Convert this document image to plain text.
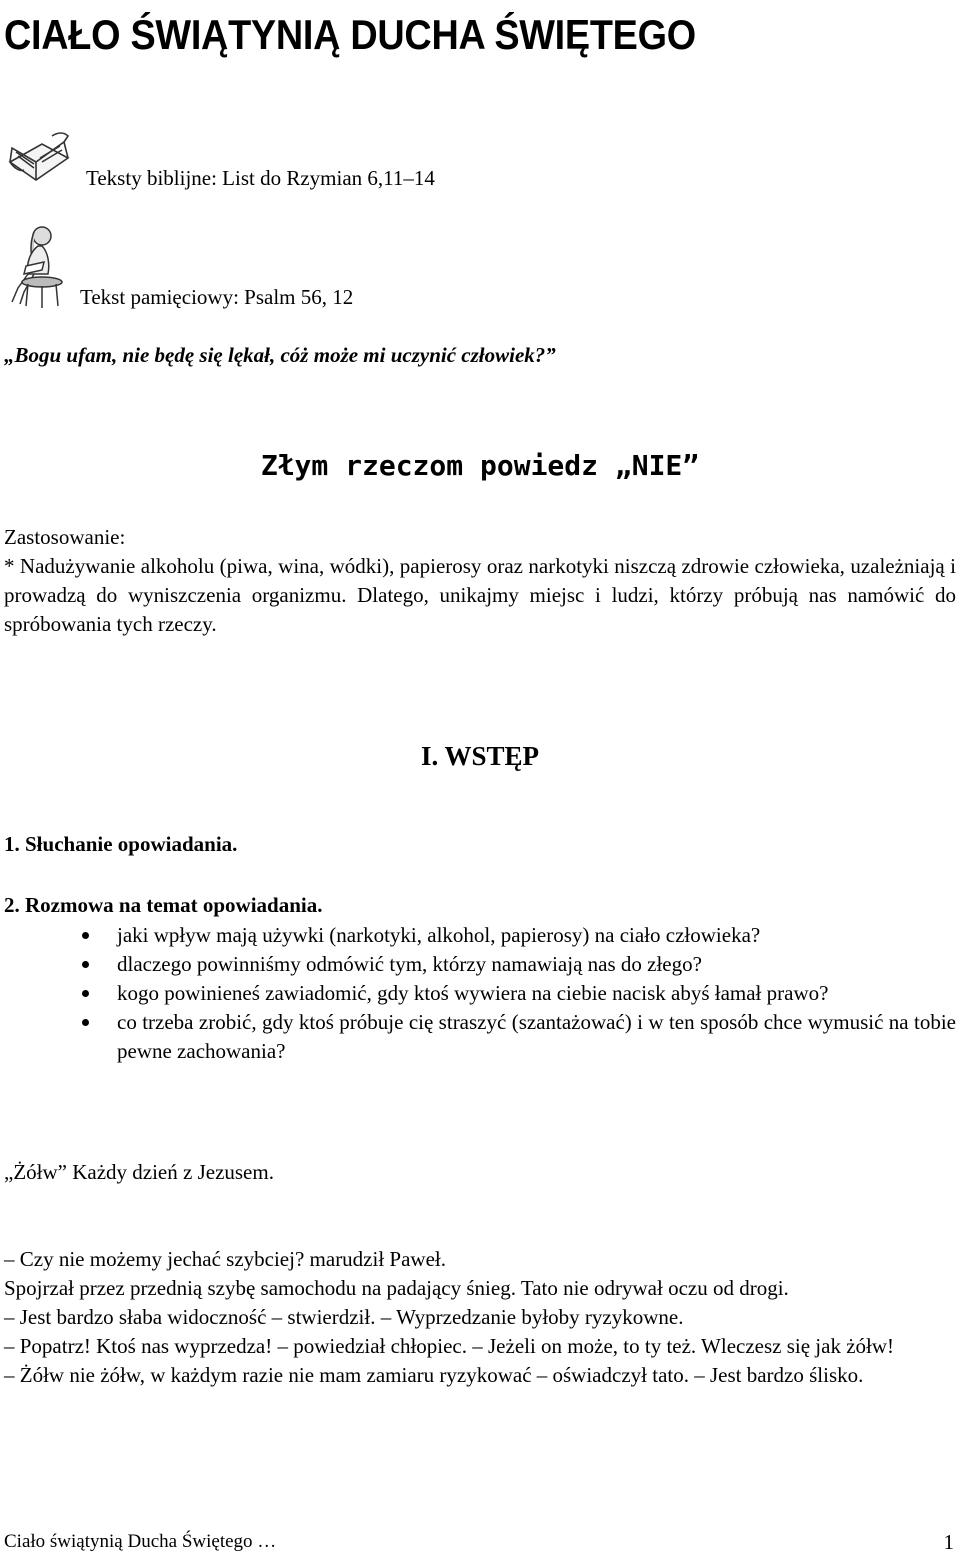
CIAŁO ŚWIĄTYNIĄ DUCHA ŚWIĘTEGO
Teksty biblijne: List do Rzymian 6,11–14
Tekst pamięciowy: Psalm 56, 12
„Bogu ufam, nie będę się lękał, cóż może mi uczynić człowiek?”
Złym rzeczom powiedz „NIE”
Zastosowanie:
* Nadużywanie alkoholu (piwa, wina, wódki), papierosy oraz narkotyki niszczą zdrowie człowieka, uzależniają i prowadzą do wyniszczenia organizmu. Dlatego, unikajmy miejsc i ludzi, którzy próbują nas namówić do spróbowania tych rzeczy.
I. WSTĘP
1. Słuchanie opowiadania.
2. Rozmowa na temat opowiadania.
jaki wpływ mają używki (narkotyki, alkohol, papierosy) na ciało człowieka?
dlaczego powinniśmy odmówić tym, którzy namawiają nas do złego?
kogo powinieneś zawiadomić, gdy ktoś wywiera na ciebie nacisk abyś łamał prawo?
co trzeba zrobić, gdy ktoś próbuje cię straszyć (szantażować) i w ten sposób chce wymusić na tobie pewne zachowania?
„Żółw” Każdy dzień z Jezusem.
– Czy nie możemy jechać szybciej? marudził Paweł.
Spojrzał przez przednią szybę samochodu na padający śnieg. Tato nie odrywał oczu od drogi.
– Jest bardzo słaba widoczność – stwierdził. – Wyprzedzanie byłoby ryzykowne.
– Popatrz! Ktoś nas wyprzedza! – powiedział chłopiec. – Jeżeli on może, to ty też. Wleczesz się jak żółw!
– Żółw nie żółw, w każdym razie nie mam zamiaru ryzykować – oświadczył tato. – Jest bardzo ślisko.
Ciało świątynią Ducha Świętego …	1
